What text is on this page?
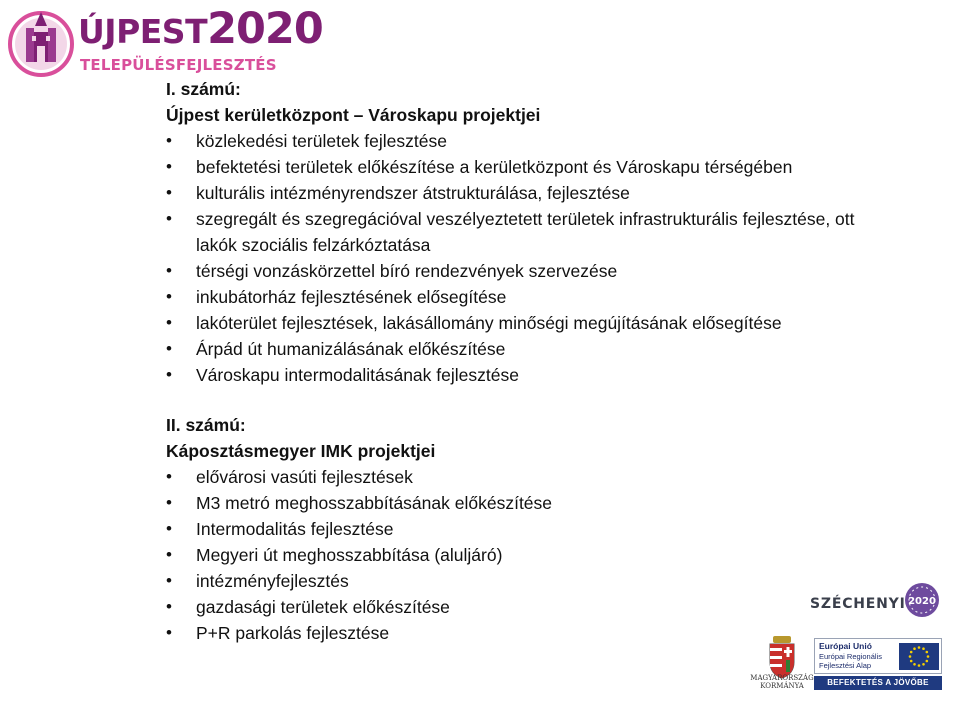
ÚJPEST2020
TELEPÜLÉSFEJLESZTÉS
I. számú:
Újpest kerületközpont – Városkapu projektjei
• közlekedési területek fejlesztése
• befektetési területek előkészítése a kerületközpont és Városkapu térségében
• kulturális intézményrendszer átstrukturálása, fejlesztése
• szegregált és szegregációval veszélyeztetett területek infrastrukturális fejlesztése, ott lakók szociális felzárkóztatása
• térségi vonzáskörzettel bíró rendezvények szervezése
• inkubátorház fejlesztésének elősegítése
• lakóterület fejlesztések, lakásállomány minőségi megújításának elősegítése
• Árpád út humanizálásának előkészítése
• Városkapu intermodalitásának fejlesztése
II. számú:
Káposztásmegyer IMK projektjei
• elővárosi vasúti fejlesztések
• M3 metró meghosszabbításának előkészítése
• Intermodalitás fejlesztése
• Megyeri út meghosszabbítása (aluljáró)
• intézményfejlesztés
• gazdasági területek előkészítése
• P+R parkolás fejlesztése
SZÉCHENYI 2020
MAGYARORSZÁG
KORMÁNYA
Európai Unió
Európai Regionális
Fejlesztési Alap
BEFEKTETÉS A JÖVŐBE
